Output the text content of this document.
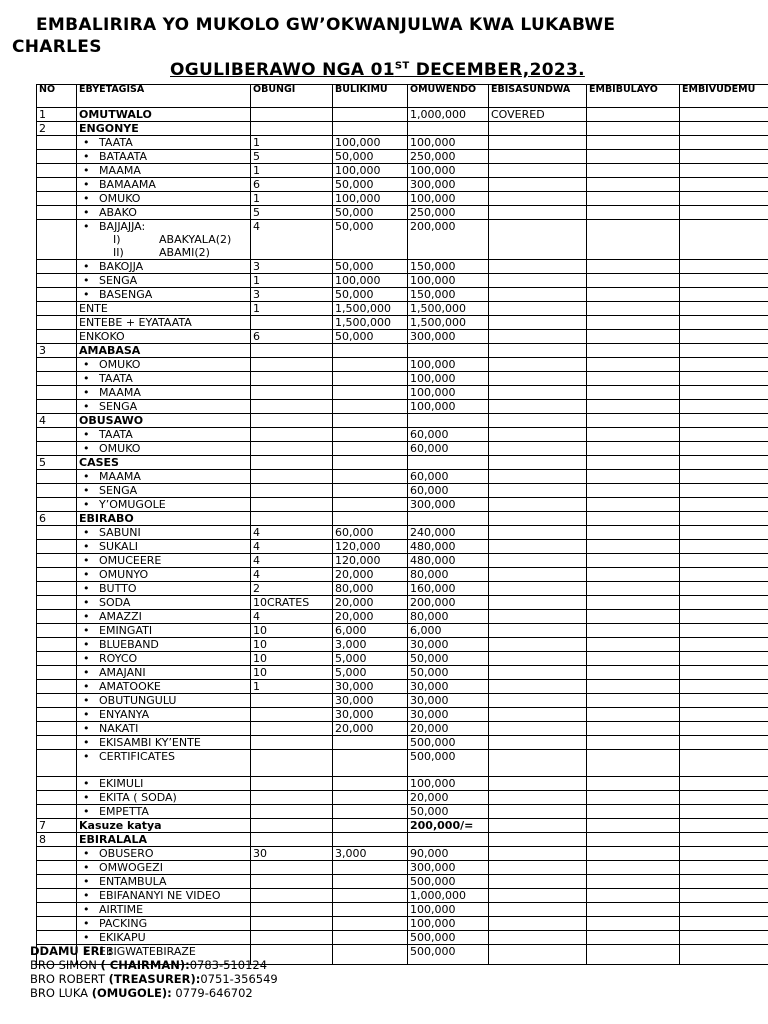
EMBALIRIRA YO MUKOLO GW’OKWANJULWA KWA LUKABWE
CHARLES
OGULIBERAWO NGA 01ST DECEMBER,2023.
NO	EBYETAGISA	OBUNGI	BULIKIMU	OMUWENDO	EBISASUNDWA	EMBIBULAYO	EMBIVUDEMU
1	OMUTWALO			1,000,000	COVERED		
2	ENGONYE						
	• TAATA	1	100,000	100,000			
	• BATAATA	5	50,000	250,000			
	• MAAMA	1	100,000	100,000			
	• BAMAAMA	6	50,000	300,000			
	• OMUKO	1	100,000	100,000			
	• ABAKO	5	50,000	250,000			
	• BAJJAJJA:
I) ABAKYALA(2)
II) ABAMI(2)	4	50,000	200,000			
	• BAKOJJA	3	50,000	150,000			
	• SENGA	1	100,000	100,000			
	• BASENGA	3	50,000	150,000			
	ENTE	1	1,500,000	1,500,000			
	ENTEBE + EYATAATA		1,500,000	1,500,000			
	ENKOKO	6	50,000	300,000			
3	AMABASA						
	• OMUKO			100,000			
	• TAATA			100,000			
	• MAAMA			100,000			
	• SENGA			100,000			
4	OBUSAWO						
	• TAATA			60,000			
	• OMUKO			60,000			
5	CASES						
	• MAAMA			60,000			
	• SENGA			60,000			
	• Y’OMUGOLE			300,000			
6	EBIRABO						
	• SABUNI	4	60,000	240,000			
	• SUKALI	4	120,000	480,000			
	• OMUCEERE	4	120,000	480,000			
	• OMUNYO	4	20,000	80,000			
	• BUTTO	2	80,000	160,000			
	• SODA	10CRATES	20,000	200,000			
	• AMAZZI	4	20,000	80,000			
	• EMINGATI	10	6,000	6,000			
	• BLUEBAND	10	3,000	30,000			
	• ROYCO	10	5,000	50,000			
	• AMAJANI	10	5,000	50,000			
	• AMATOOKE	1	30,000	30,000			
	• OBUTUNGULU		30,000	30,000			
	• ENYANYA		30,000	30,000			
	• NAKATI		20,000	20,000			
	• EKISAMBI KY’ENTE			500,000			
	• CERTIFICATES			500,000			
	• EKIMULI			100,000			
	• EKITA ( SODA)			20,000			
	• EMPETTA			50,000			
7	Kasuze katya			200,000/=			
8	EBIRALALA						
	• OBUSERO	30	3,000	90,000			
	• OMWOGEZI			300,000			
	• ENTAMBULA			500,000			
	• EBIFANANYI NE VIDEO			1,000,000			
	• AIRTIME			100,000			
	• PACKING			100,000			
	• EKIKAPU			500,000			
	• EBIGWATEBIRAZE			500,000			
DDAMU ERI :
BRO SIMON ( CHAIRMAN):0783-510124
BRO ROBERT (TREASURER):0751-356549
BRO LUKA (OMUGOLE): 0779-646702
